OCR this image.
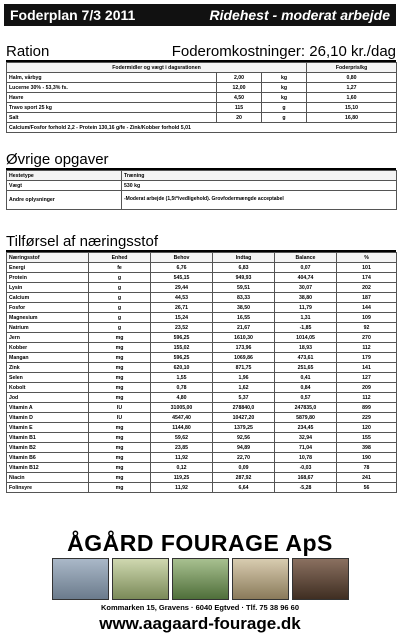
Foderplan 7/3 2011	Ridehest - moderat arbejde
Ration	Foderomkostninger: 26,10 kr./dag
Fodermidler og vægt i dagsrationen			Foderpris/kg
Halm, vårbyg	2,00	kg	0,80
Lucerne 30% - 53,3% fs.	12,00	kg	1,27
Havre	4,50	kg	1,60
Travo sport 25 kg	115	g	15,10
Salt	20	g	16,80
Calcium/Fosfor forhold 2,2 - Protein 130,16 g/fe - Zink/Kobber forhold 5,01			
Øvrige opgaver
Hestetype	Træning
Vægt	530 kg
Andre oplysninger	-Moderat arbejde (1,5t*/vedligehold). Grovfodermængde acceptabel
Tilførsel af næringsstof
Næringsstof	Enhed	Behov	Indtag	Balance	%
Energi	fe	6,76	6,83	0,07	101
Protein	g	545,15	949,93	404,74	174
Lysin	g	29,44	59,51	30,07	202
Calcium	g	44,53	83,33	38,80	187
Fosfor	g	26,71	38,50	11,79	144
Magnesium	g	15,24	16,55	1,31	109
Natrium	g	23,52	21,67	-1,85	92
Jern	mg	596,25	1610,30	1014,05	270
Kobber	mg	155,02	173,96	18,93	112
Mangan	mg	596,25	1069,86	473,61	179
Zink	mg	620,10	871,75	251,65	141
Selen	mg	1,55	1,96	0,41	127
Kobolt	mg	0,78	1,62	0,84	209
Jod	mg	4,80	5,37	0,57	112
Vitamin A	IU	31005,00	278840,0	247835,0	899
Vitamin D	IU	4547,40	10427,20	5879,80	229
Vitamin E	mg	1144,80	1379,25	234,45	120
Vitamin B1	mg	59,62	92,56	32,94	155
Vitamin B2	mg	23,85	94,89	71,04	398
Vitamin B6	mg	11,92	22,70	10,78	190
Vitamin B12	mg	0,12	0,09	-0,03	78
Niacin	mg	119,25	287,92	168,67	241
Folinsyre	mg	11,92	6,64	-5,28	56
ÅGÅRD FOURAGE ApS
Kommarken 15, Gravens · 6040 Egtved · Tlf. 75 38 96 60
www.aagaard-fourage.dk
